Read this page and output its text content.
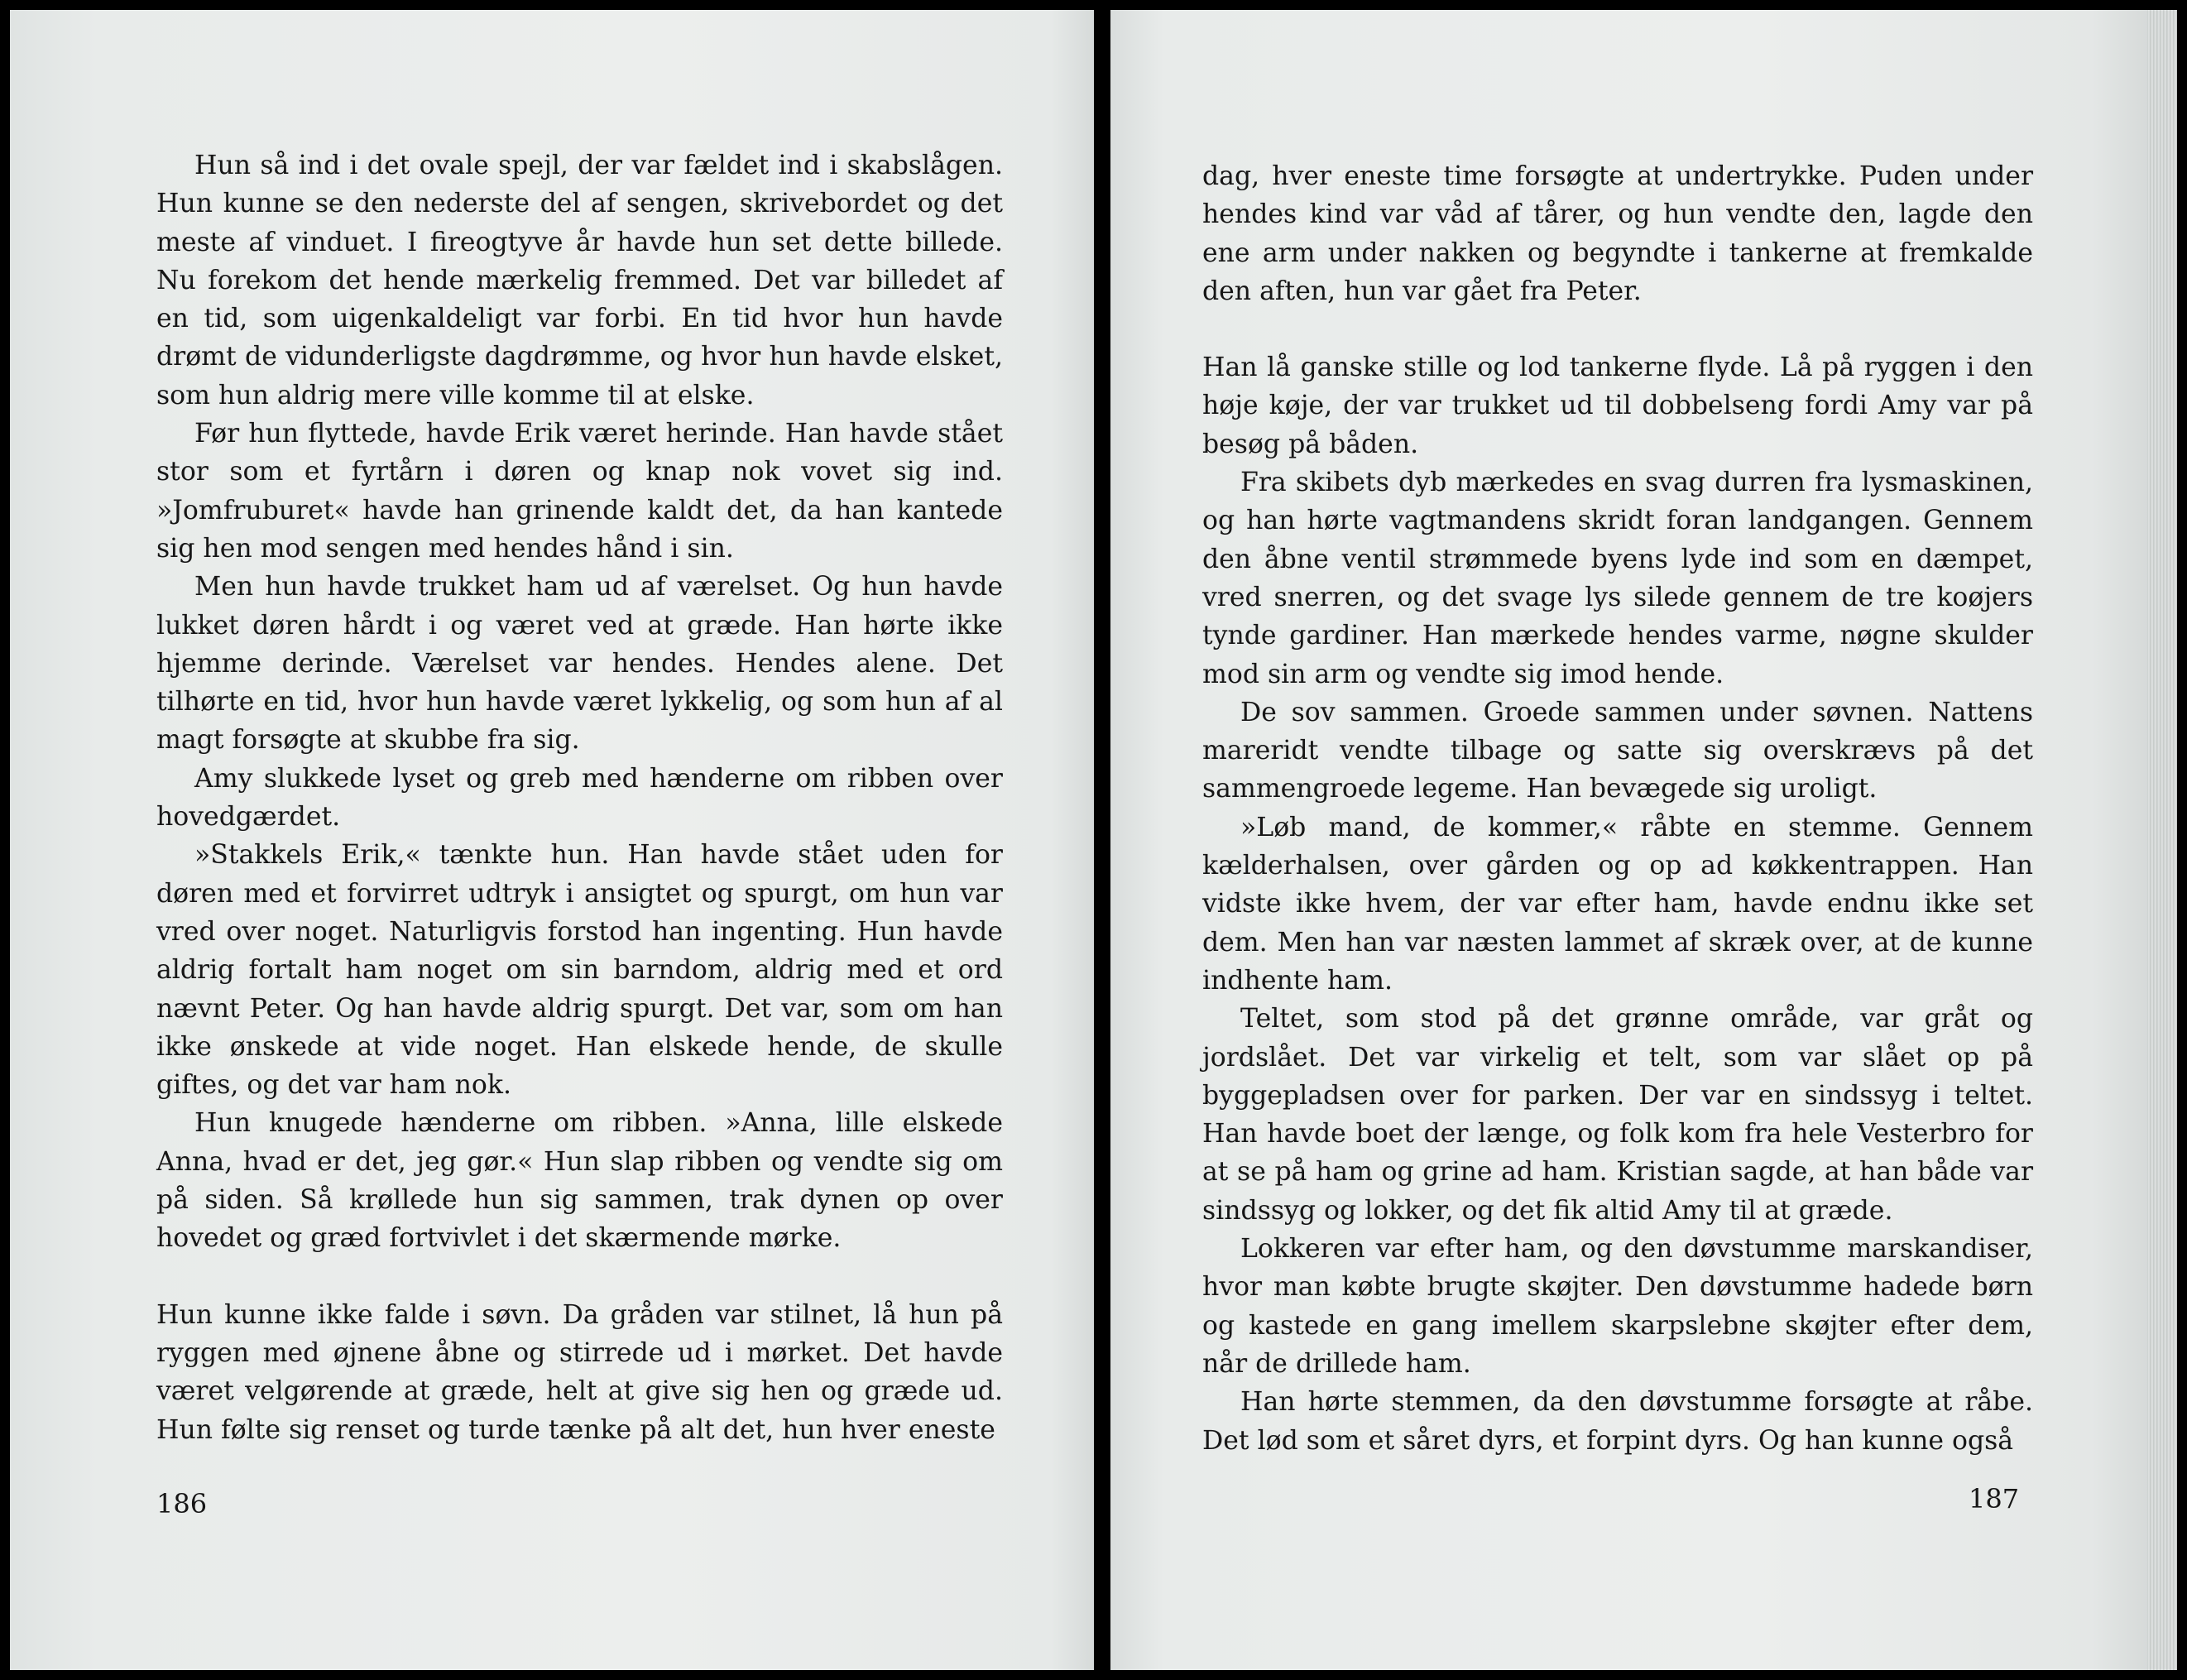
Hun så ind i det ovale spejl, der var fældet ind i skabslågen. Hun kunne se den nederste del af sengen, skrivebordet og det meste af vinduet. I fireogtyve år havde hun set dette billede. Nu forekom det hende mærkelig fremmed. Det var billedet af en tid, som uigenkaldeligt var forbi. En tid hvor hun havde drømt de vidunderligste dagdrømme, og hvor hun havde elsket, som hun aldrig mere ville komme til at elske.

Før hun flyttede, havde Erik været herinde. Han havde stået stor som et fyrtårn i døren og knap nok vovet sig ind. »Jomfruburet« havde han grinende kaldt det, da han kantede sig hen mod sengen med hendes hånd i sin.

Men hun havde trukket ham ud af værelset. Og hun havde lukket døren hårdt i og været ved at græde. Han hørte ikke hjemme derinde. Værelset var hendes. Hendes alene. Det tilhørte en tid, hvor hun havde været lykkelig, og som hun af al magt forsøgte at skubbe fra sig.

Amy slukkede lyset og greb med hænderne om ribben over hovedgærdet.

»Stakkels Erik,« tænkte hun. Han havde stået uden for døren med et forvirret udtryk i ansigtet og spurgt, om hun var vred over noget. Naturligvis forstod han ingenting. Hun havde aldrig fortalt ham noget om sin barndom, aldrig med et ord nævnt Peter. Og han havde aldrig spurgt. Det var, som om han ikke ønskede at vide noget. Han elskede hende, de skulle giftes, og det var ham nok.

Hun knugede hænderne om ribben. »Anna, lille elskede Anna, hvad er det, jeg gør.« Hun slap ribben og vendte sig om på siden. Så krøllede hun sig sammen, trak dynen op over hovedet og græd fortvivlet i det skærmende mørke.

Hun kunne ikke falde i søvn. Da gråden var stilnet, lå hun på ryggen med øjnene åbne og stirrede ud i mørket. Det havde været velgørende at græde, helt at give sig hen og græde ud. Hun følte sig renset og turde tænke på alt det, hun hver eneste

186

dag, hver eneste time forsøgte at undertrykke. Puden under hendes kind var våd af tårer, og hun vendte den, lagde den ene arm under nakken og begyndte i tankerne at fremkalde den aften, hun var gået fra Peter.

Han lå ganske stille og lod tankerne flyde. Lå på ryggen i den høje køje, der var trukket ud til dobbelseng fordi Amy var på besøg på båden.

Fra skibets dyb mærkedes en svag durren fra lysmaskinen, og han hørte vagtmandens skridt foran landgangen. Gennem den åbne ventil strømmede byens lyde ind som en dæmpet, vred snerren, og det svage lys silede gennem de tre koøjers tynde gardiner. Han mærkede hendes varme, nøgne skulder mod sin arm og vendte sig imod hende.

De sov sammen. Groede sammen under søvnen. Nattens mareridt vendte tilbage og satte sig overskrævs på det sammengroede legeme. Han bevægede sig uroligt.

»Løb mand, de kommer,« råbte en stemme. Gennem kælderhalsen, over gården og op ad køkkentrappen. Han vidste ikke hvem, der var efter ham, havde endnu ikke set dem. Men han var næsten lammet af skræk over, at de kunne indhente ham.

Teltet, som stod på det grønne område, var gråt og jordslået. Det var virkelig et telt, som var slået op på byggepladsen over for parken. Der var en sindssyg i teltet. Han havde boet der længe, og folk kom fra hele Vesterbro for at se på ham og grine ad ham. Kristian sagde, at han både var sindssyg og lokker, og det fik altid Amy til at græde.

Lokkeren var efter ham, og den døvstumme marskandiser, hvor man købte brugte skøjter. Den døvstumme hadede børn og kastede en gang imellem skarpslebne skøjter efter dem, når de drillede ham.

Han hørte stemmen, da den døvstumme forsøgte at råbe. Det lød som et såret dyrs, et forpint dyrs. Og han kunne også

187
